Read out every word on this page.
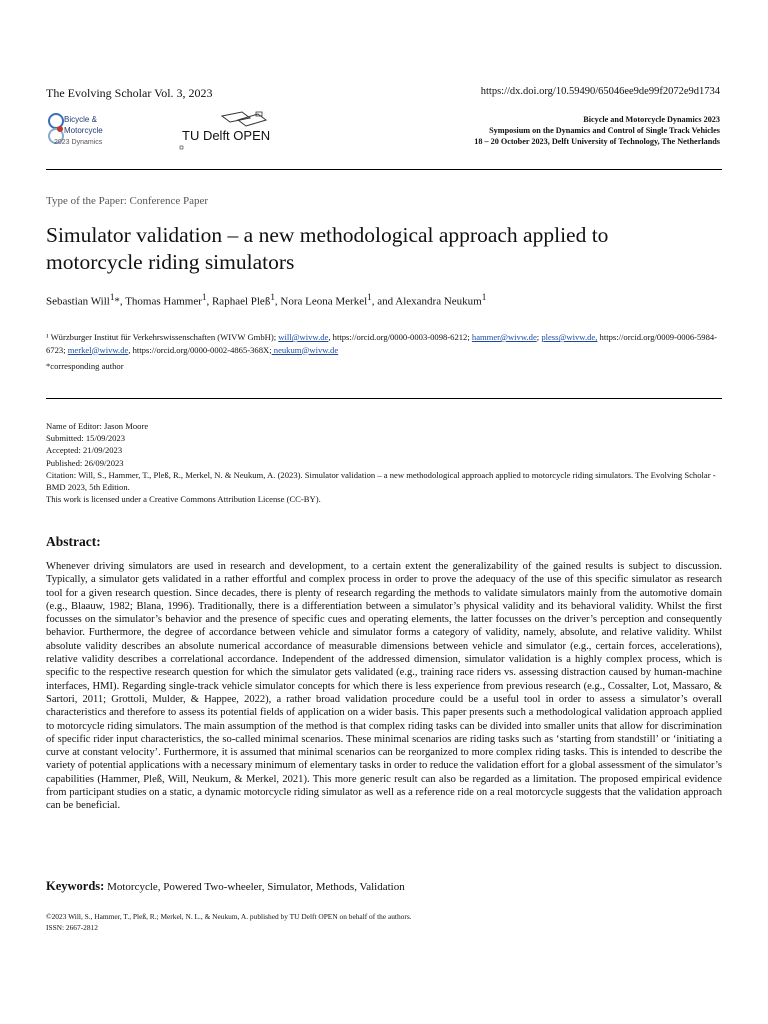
The Evolving Scholar Vol. 3, 2023	https://dx.doi.org/10.59490/65046ee9de99f2072e9d1734
Bicycle &
Motorcycle
2023 Dynamics	TU Delft OPEN
Bicycle and Motorcycle Dynamics 2023
Symposium on the Dynamics and Control of Single Track Vehicles
18 – 20 October 2023, Delft University of Technology, The Netherlands
Type of the Paper: Conference Paper
Simulator validation – a new methodological approach applied to motorcycle riding simulators
Sebastian Will$^1$*, Thomas Hammer$^1$, Raphael Pleß$^1$, Nora Leona Merkel$^1$, and Alexandra Neukum$^1$
¹ Würzburger Institut für Verkehrswissenschaften (WIVW GmbH); will@wivw.de, https://orcid.org/0000-0003-0098-6212; hammer@wivw.de; pless@wivw.de, https://orcid.org/0009-0006-5984-6723; merkel@wivw.de, https://orcid.org/0000-0002-4865-368X; neukum@wivw.de
*corresponding author
Name of Editor: Jason Moore
Submitted: 15/09/2023
Accepted: 21/09/2023
Published: 26/09/2023
Citation: Will, S., Hammer, T., Pleß, R., Merkel, N. & Neukum, A. (2023). Simulator validation – a new methodological approach applied to motorcycle riding simulators. The Evolving Scholar - BMD 2023, 5th Edition.
This work is licensed under a Creative Commons Attribution License (CC-BY).
Abstract:
Whenever driving simulators are used in research and development, to a certain extent the generalizability of the gained results is subject to discussion. Typically, a simulator gets validated in a rather effortful and complex process in order to prove the adequacy of the use of this specific simulator as research tool for a given research question. Since decades, there is plenty of research regarding the methods to validate simulators mainly from the automotive domain (e.g., Blaauw, 1982; Blana, 1996). Traditionally, there is a differentiation between a simulator’s physical validity and its behavioral validity. Whilst the first focusses on the simulator’s behavior and the presence of specific cues and operating elements, the latter focusses on the driver’s perception and consequently behavior. Furthermore, the degree of accordance between vehicle and simulator forms a category of validity, namely, absolute, and relative validity. Whilst absolute validity describes an absolute numerical accordance of measurable dimensions between vehicle and simulator (e.g., certain forces, accelerations), relative validity describes a correlational accordance. Independent of the addressed dimension, simulator validation is a highly complex process, which is specific to the respective research question for which the simulator gets validated (e.g., training race riders vs. assessing distraction caused by human-machine interfaces, HMI). Regarding single-track vehicle simulator concepts for which there is less experience from previous research (e.g., Cossalter, Lot, Massaro, & Sartori, 2011; Grottoli, Mulder, & Happee, 2022), a rather broad validation procedure could be a useful tool in order to assess a simulator’s overall characteristics and therefore to assess its potential fields of application on a wider basis. This paper presents such a methodological validation approach applied to motorcycle riding simulators. The main assumption of the method is that complex riding tasks can be divided into smaller units that allow for discrimination of specific rider input characteristics, the so-called minimal scenarios. These minimal scenarios are riding tasks such as ‘starting from standstill’ or ‘initiating a curve at constant velocity’. Furthermore, it is assumed that minimal scenarios can be reorganized to more complex riding tasks. This is intended to describe the variety of potential applications with a necessary minimum of elementary tasks in order to reduce the validation effort for a global assessment of the simulator’s capabilities (Hammer, Pleß, Will, Neukum, & Merkel, 2021). This more generic result can also be regarded as a limitation. The proposed empirical evidence from participant studies on a static, a dynamic motorcycle riding simulator as well as a reference ride on a real motorcycle suggests that the validation approach can be beneficial.
Keywords: Motorcycle, Powered Two-wheeler, Simulator, Methods, Validation
©2023 Will, S., Hammer, T., Pleß, R.; Merkel, N. L., & Neukum, A. published by TU Delft OPEN on behalf of the authors.
ISSN: 2667-2812
